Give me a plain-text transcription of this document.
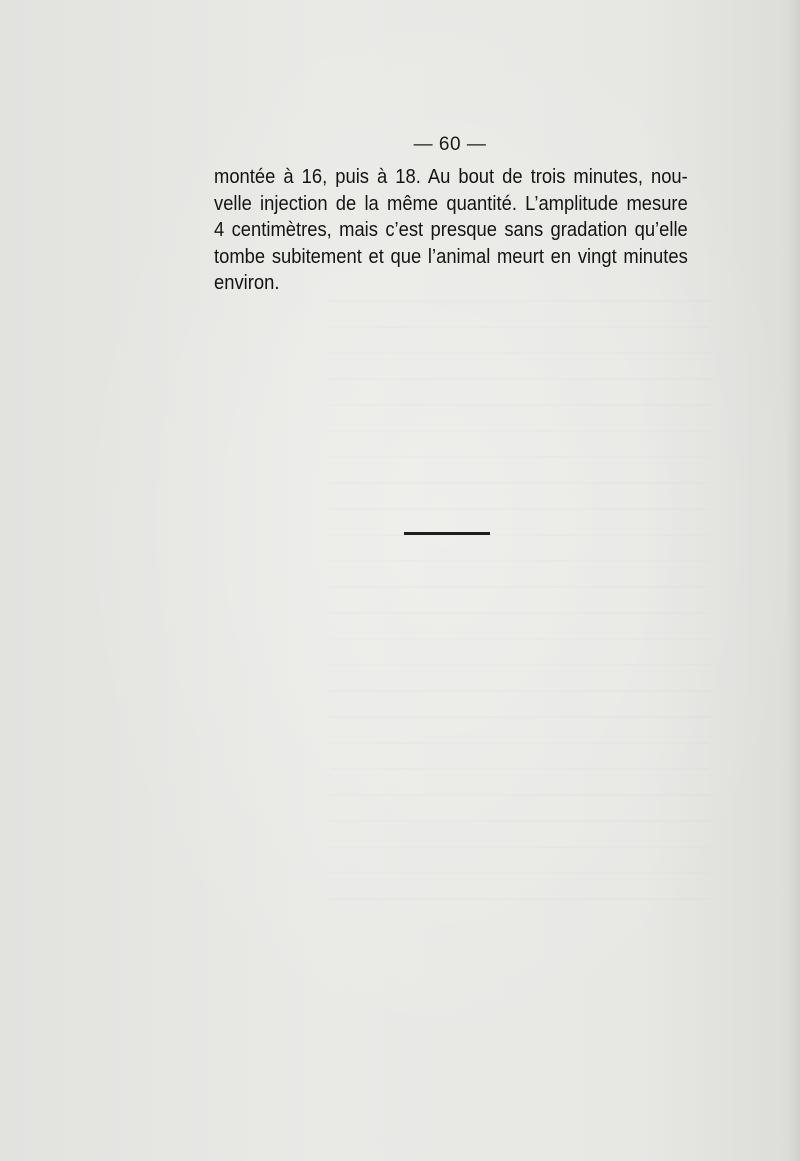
— 60 —
montée à 16, puis à 18. Au bout de trois minutes, nou-
velle injection de la même quantité. L’amplitude mesure
4 centimètres, mais c’est presque sans gradation qu’elle
tombe subitement et que l’animal meurt en vingt minutes
environ.
